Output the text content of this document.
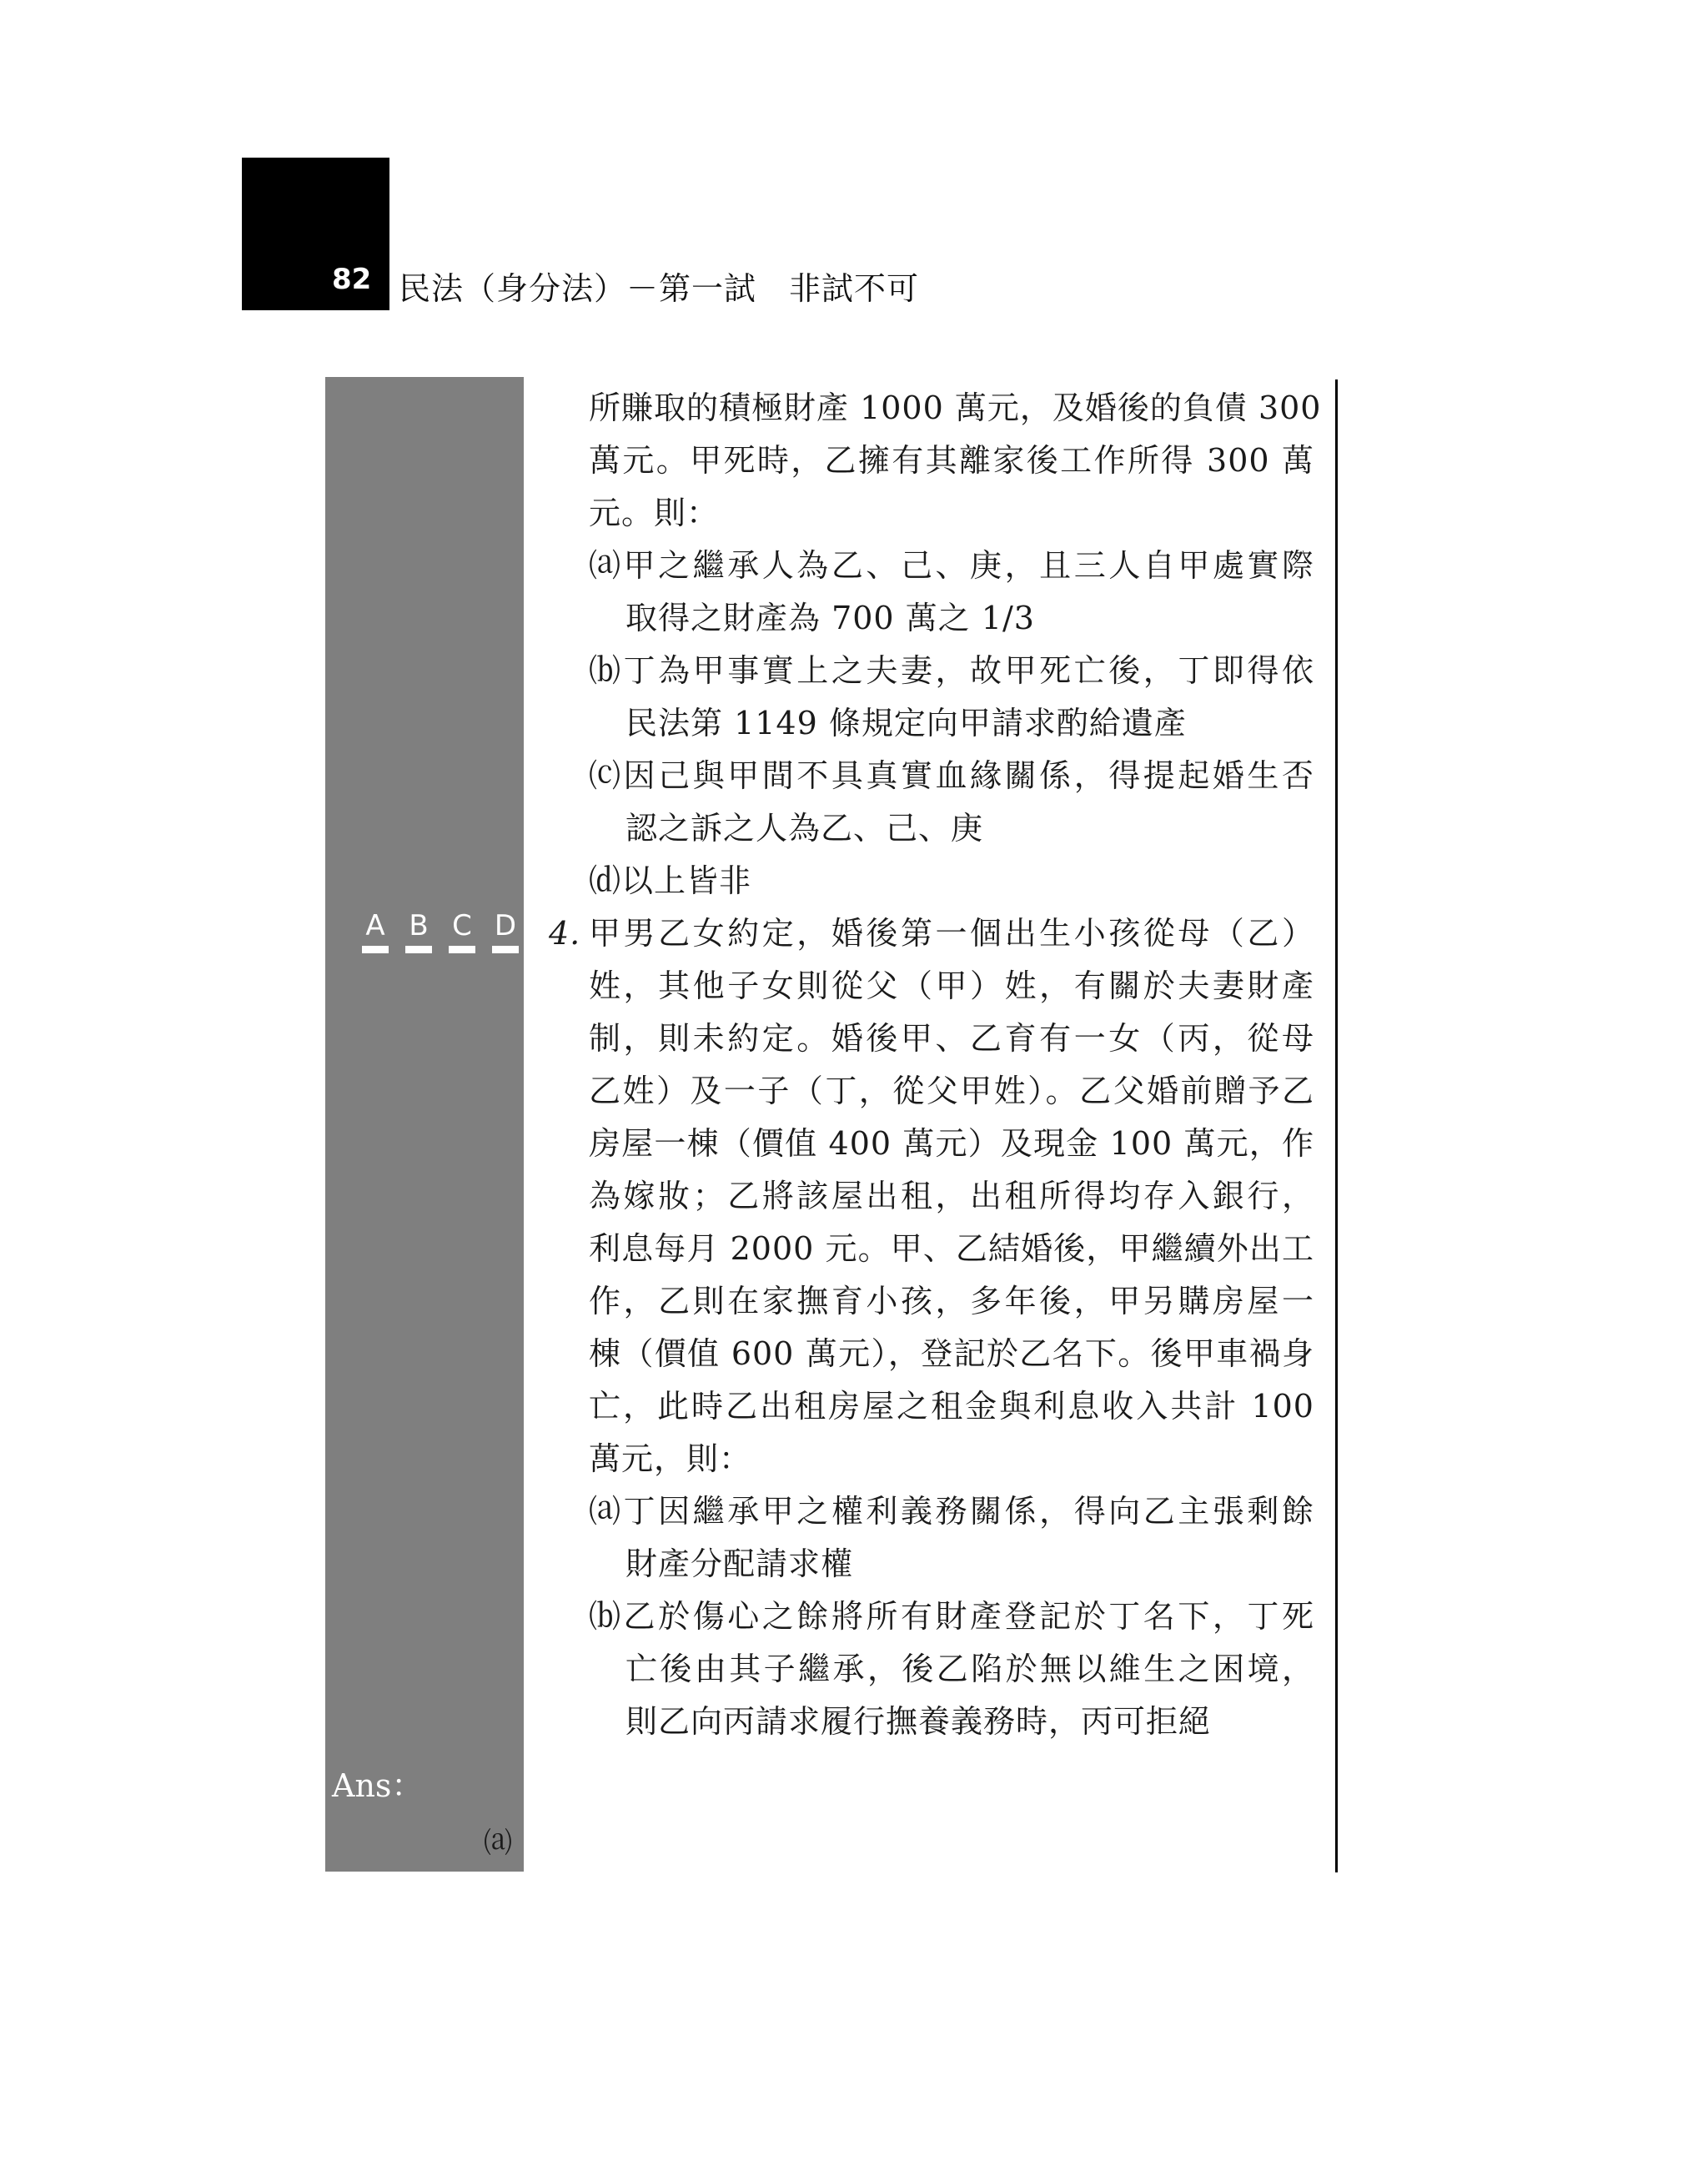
82 民法（身分法）－第一試　非試不可
A B C D
Ans：
⒜
所賺取的積極財產 1000 萬元，及婚後的負債 300
萬元。甲死時，乙擁有其離家後工作所得 300 萬
元。則：
⒜甲之繼承人為乙、己、庚，且三人自甲處實際
取得之財產為 700 萬之 1/3
⒝丁為甲事實上之夫妻，故甲死亡後，丁即得依
民法第 1149 條規定向甲請求酌給遺產
⒞因己與甲間不具真實血緣關係，得提起婚生否
認之訴之人為乙、己、庚
⒟以上皆非
4. 甲男乙女約定，婚後第一個出生小孩從母（乙）
姓，其他子女則從父（甲）姓，有關於夫妻財產
制，則未約定。婚後甲、乙育有一女（丙，從母
乙姓）及一子（丁，從父甲姓）。乙父婚前贈予乙
房屋一棟（價值 400 萬元）及現金 100 萬元，作
為嫁妝；乙將該屋出租，出租所得均存入銀行，
利息每月 2000 元。甲、乙結婚後，甲繼續外出工
作，乙則在家撫育小孩，多年後，甲另購房屋一
棟（價值 600 萬元），登記於乙名下。後甲車禍身
亡，此時乙出租房屋之租金與利息收入共計 100
萬元，則：
⒜丁因繼承甲之權利義務關係，得向乙主張剩餘
財產分配請求權
⒝乙於傷心之餘將所有財產登記於丁名下，丁死
亡後由其子繼承，後乙陷於無以維生之困境，
則乙向丙請求履行撫養義務時，丙可拒絕
